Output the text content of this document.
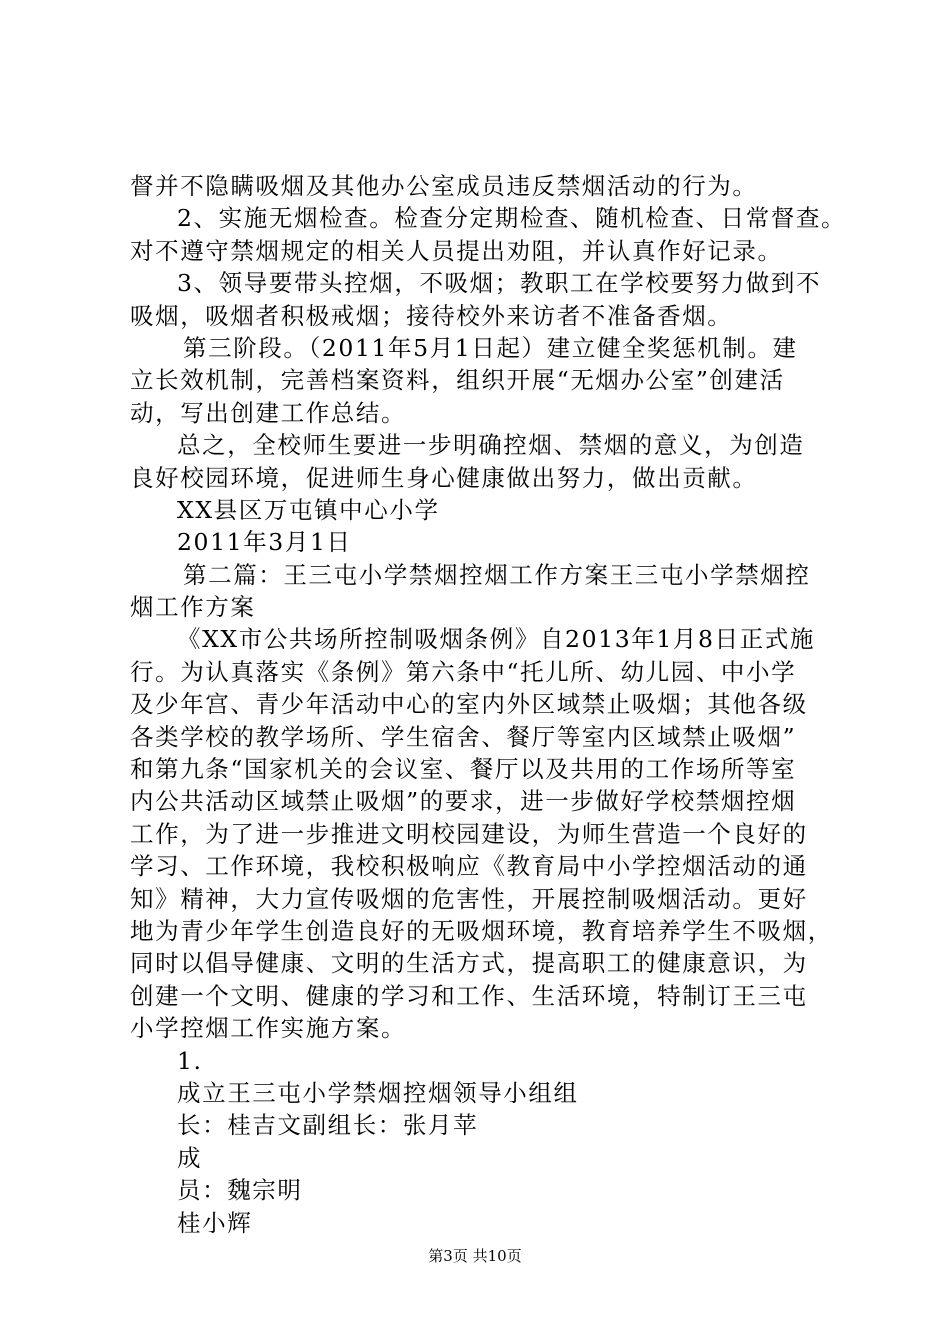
督并不隐瞒吸烟及其他办公室成员违反禁烟活动的行为。
2、实施无烟检查。检查分定期检查、随机检查、日常督查。
对不遵守禁烟规定的相关人员提出劝阻，并认真作好记录。
3、领导要带头控烟，不吸烟；教职工在学校要努力做到不
吸烟，吸烟者积极戒烟；接待校外来访者不准备香烟。
第三阶段。（2011年5月1日起）建立健全奖惩机制。建
立长效机制，完善档案资料，组织开展“无烟办公室”创建活
动，写出创建工作总结。
总之，全校师生要进一步明确控烟、禁烟的意义，为创造
良好校园环境，促进师生身心健康做出努力，做出贡献。
XX县区万屯镇中心小学
2011年3月1日
第二篇：王三屯小学禁烟控烟工作方案王三屯小学禁烟控
烟工作方案
《XX市公共场所控制吸烟条例》自2013年1月8日正式施
行。为认真落实《条例》第六条中“托儿所、幼儿园、中小学
及少年宫、青少年活动中心的室内外区域禁止吸烟；其他各级
各类学校的教学场所、学生宿舍、餐厅等室内区域禁止吸烟”
和第九条“国家机关的会议室、餐厅以及共用的工作场所等室
内公共活动区域禁止吸烟”的要求，进一步做好学校禁烟控烟
工作，为了进一步推进文明校园建设，为师生营造一个良好的
学习、工作环境，我校积极响应《教育局中小学控烟活动的通
知》精神，大力宣传吸烟的危害性，开展控制吸烟活动。更好
地为青少年学生创造良好的无吸烟环境，教育培养学生不吸烟，
同时以倡导健康、文明的生活方式，提高职工的健康意识，为
创建一个文明、健康的学习和工作、生活环境，特制订王三屯
小学控烟工作实施方案。
1.
成立王三屯小学禁烟控烟领导小组组
长：桂吉文副组长：张月苹
成
员：魏宗明
桂小辉
第3页 共10页
